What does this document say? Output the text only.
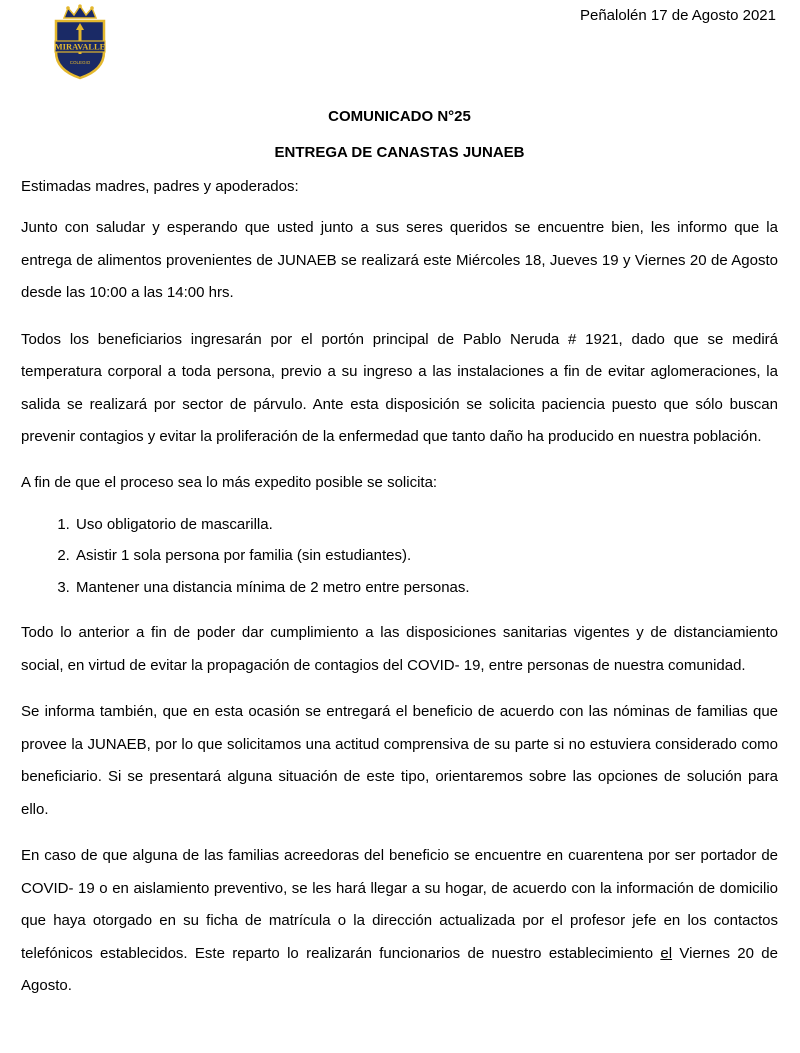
MIRAVALLE
COLEGIO
Peñalolén 17 de Agosto 2021
COMUNICADO N°25
ENTREGA DE CANASTAS JUNAEB
Estimadas madres, padres y apoderados:

Junto con saludar y esperando que usted junto a sus seres queridos se encuentre bien, les informo que la entrega de alimentos provenientes de JUNAEB se realizará este Miércoles 18, Jueves 19 y Viernes 20 de Agosto desde las 10:00 a las 14:00 hrs.

Todos los beneficiarios ingresarán por el portón principal de Pablo Neruda # 1921, dado que se medirá temperatura corporal a toda persona, previo a su ingreso a las instalaciones a fin de evitar aglomeraciones, la salida se realizará por sector de párvulo. Ante esta disposición se solicita paciencia puesto que sólo buscan prevenir contagios y evitar la proliferación de la enfermedad que tanto daño ha producido en nuestra población.

A fin de que el proceso sea lo más expedito posible se solicita:

1. Uso obligatorio de mascarilla.
2. Asistir 1 sola persona por familia (sin estudiantes).
3. Mantener una distancia mínima de 2 metro entre personas.

Todo lo anterior a fin de poder dar cumplimiento a las disposiciones sanitarias vigentes y de distanciamiento social, en virtud de evitar la propagación de contagios del COVID- 19, entre personas de nuestra comunidad.

Se informa también, que en esta ocasión se entregará el beneficio de acuerdo con las nóminas de familias que provee la JUNAEB, por lo que solicitamos una actitud comprensiva de su parte si no estuviera considerado como beneficiario. Si se presentará alguna situación de este tipo, orientaremos sobre las opciones de solución para ello.

En caso de que alguna de las familias acreedoras del beneficio se encuentre en cuarentena por ser portador de COVID- 19 o en aislamiento preventivo, se les hará llegar a su hogar, de acuerdo con la información de domicilio que haya otorgado en su ficha de matrícula o la dirección actualizada por el profesor jefe en los contactos telefónicos establecidos. Este reparto lo realizarán funcionarios de nuestro establecimiento el Viernes 20 de Agosto.
